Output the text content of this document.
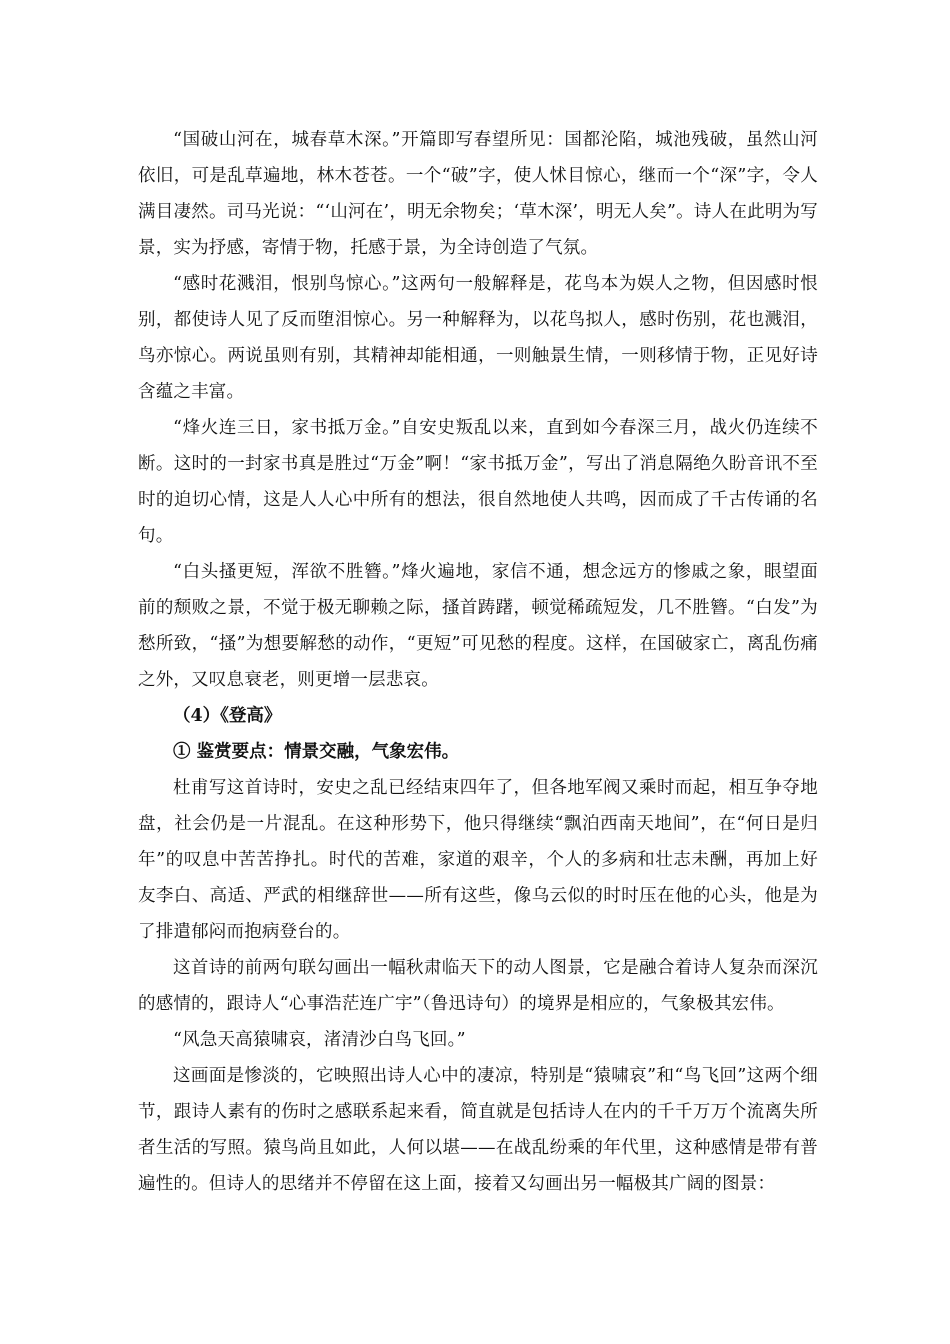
“国破山河在，城春草木深。”开篇即写春望所见：国都沦陷，城池残破，虽然山河依旧，可是乱草遍地，林木苍苍。一个“破”字，使人怵目惊心，继而一个“深”字，令人满目凄然。司马光说：“‘山河在’，明无余物矣；‘草木深’，明无人矣”。诗人在此明为写景，实为抒感，寄情于物，托感于景，为全诗创造了气氛。

“感时花溅泪，恨别鸟惊心。”这两句一般解释是，花鸟本为娱人之物，但因感时恨别，都使诗人见了反而堕泪惊心。另一种解释为，以花鸟拟人，感时伤别，花也溅泪，鸟亦惊心。两说虽则有别，其精神却能相通，一则触景生情，一则移情于物，正见好诗含蕴之丰富。

“烽火连三日，家书抵万金。”自安史叛乱以来，直到如今春深三月，战火仍连续不断。这时的一封家书真是胜过“万金”啊！“家书抵万金”，写出了消息隔绝久盼音讯不至时的迫切心情，这是人人心中所有的想法，很自然地使人共鸣，因而成了千古传诵的名句。

“白头搔更短，浑欲不胜簪。”烽火遍地，家信不通，想念远方的惨戚之象，眼望面前的颓败之景，不觉于极无聊赖之际，搔首踌躇，顿觉稀疏短发，几不胜簪。“白发”为愁所致，“搔”为想要解愁的动作，“更短”可见愁的程度。这样，在国破家亡，离乱伤痛之外，又叹息衰老，则更增一层悲哀。

（4）《登高》

① 鉴赏要点：情景交融，气象宏伟。

杜甫写这首诗时，安史之乱已经结束四年了，但各地军阀又乘时而起，相互争夺地盘，社会仍是一片混乱。在这种形势下，他只得继续“飘泊西南天地间”，在“何日是归年”的叹息中苦苦挣扎。时代的苦难，家道的艰辛，个人的多病和壮志未酬，再加上好友李白、高适、严武的相继辞世——所有这些，像乌云似的时时压在他的心头，他是为了排遣郁闷而抱病登台的。

这首诗的前两句联勾画出一幅秋肃临天下的动人图景，它是融合着诗人复杂而深沉的感情的，跟诗人“心事浩茫连广宇”（鲁迅诗句）的境界是相应的，气象极其宏伟。

“风急天高猿啸哀，渚清沙白鸟飞回。”

这画面是惨淡的，它映照出诗人心中的凄凉，特别是“猿啸哀”和“鸟飞回”这两个细节，跟诗人素有的伤时之感联系起来看，简直就是包括诗人在内的千千万万个流离失所者生活的写照。猿鸟尚且如此，人何以堪——在战乱纷乘的年代里，这种感情是带有普遍性的。但诗人的思绪并不停留在这上面，接着又勾画出另一幅极其广阔的图景：
